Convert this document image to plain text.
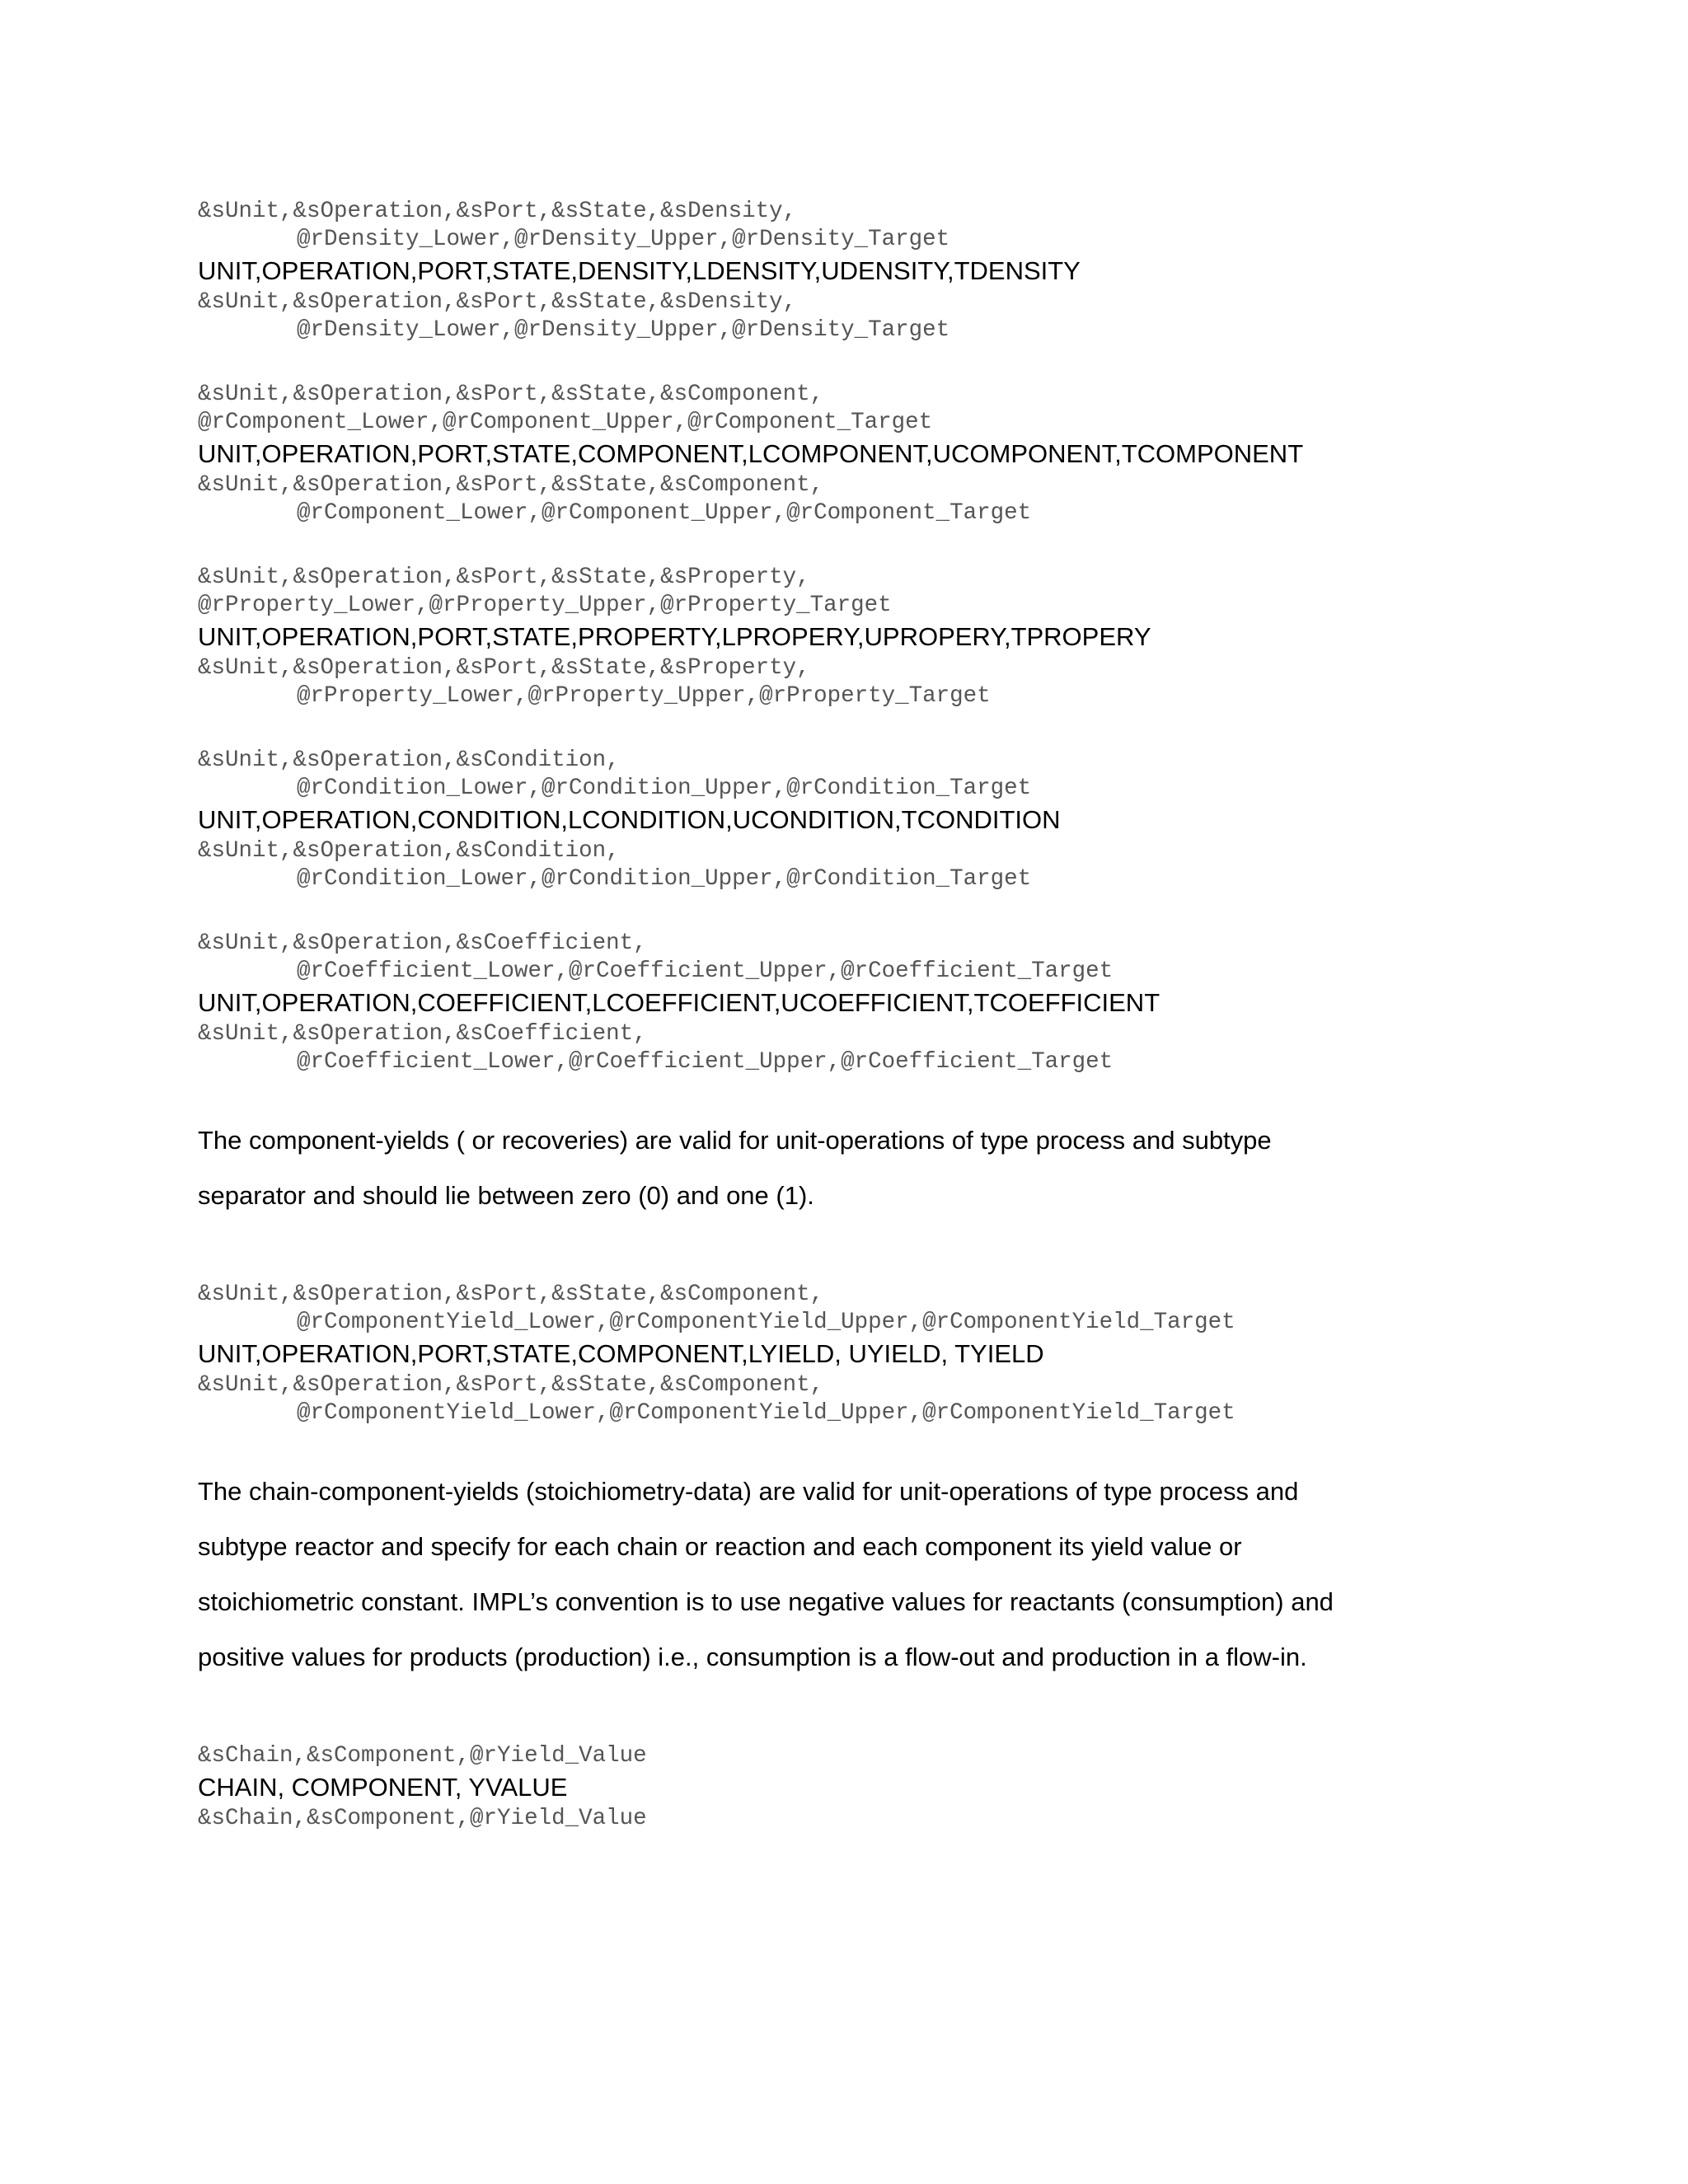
&sUnit,&sOperation,&sPort,&sState,&sDensity,

@rDensity_Lower,@rDensity_Upper,@rDensity_Target

UNIT,OPERATION,PORT,STATE,DENSITY,LDENSITY,UDENSITY,TDENSITY

&sUnit,&sOperation,&sPort,&sState,&sDensity,

@rDensity_Lower,@rDensity_Upper,@rDensity_Target

&sUnit,&sOperation,&sPort,&sState,&sComponent,

@rComponent_Lower,@rComponent_Upper,@rComponent_Target

UNIT,OPERATION,PORT,STATE,COMPONENT,LCOMPONENT,UCOMPONENT,TCOMPONENT

&sUnit,&sOperation,&sPort,&sState,&sComponent,

@rComponent_Lower,@rComponent_Upper,@rComponent_Target

&sUnit,&sOperation,&sPort,&sState,&sProperty,

@rProperty_Lower,@rProperty_Upper,@rProperty_Target

UNIT,OPERATION,PORT,STATE,PROPERTY,LPROPERY,UPROPERY,TPROPERY

&sUnit,&sOperation,&sPort,&sState,&sProperty,

@rProperty_Lower,@rProperty_Upper,@rProperty_Target

&sUnit,&sOperation,&sCondition,

@rCondition_Lower,@rCondition_Upper,@rCondition_Target

UNIT,OPERATION,CONDITION,LCONDITION,UCONDITION,TCONDITION

&sUnit,&sOperation,&sCondition,

@rCondition_Lower,@rCondition_Upper,@rCondition_Target

&sUnit,&sOperation,&sCoefficient,

@rCoefficient_Lower,@rCoefficient_Upper,@rCoefficient_Target

UNIT,OPERATION,COEFFICIENT,LCOEFFICIENT,UCOEFFICIENT,TCOEFFICIENT

&sUnit,&sOperation,&sCoefficient,

@rCoefficient_Lower,@rCoefficient_Upper,@rCoefficient_Target

The component-yields ( or recoveries) are valid for unit-operations of type process and subtype

separator and should lie between zero (0) and one (1).

&sUnit,&sOperation,&sPort,&sState,&sComponent,

@rComponentYield_Lower,@rComponentYield_Upper,@rComponentYield_Target

UNIT,OPERATION,PORT,STATE,COMPONENT,LYIELD, UYIELD, TYIELD

&sUnit,&sOperation,&sPort,&sState,&sComponent,

@rComponentYield_Lower,@rComponentYield_Upper,@rComponentYield_Target

The chain-component-yields (stoichiometry-data) are valid for unit-operations of type process and

subtype reactor and specify for each chain or reaction and each component its yield value or

stoichiometric constant. IMPL’s convention is to use negative values for reactants (consumption) and

positive values for products (production) i.e., consumption is a flow-out and production in a flow-in.

&sChain,&sComponent,@rYield_Value

CHAIN, COMPONENT, YVALUE

&sChain,&sComponent,@rYield_Value
